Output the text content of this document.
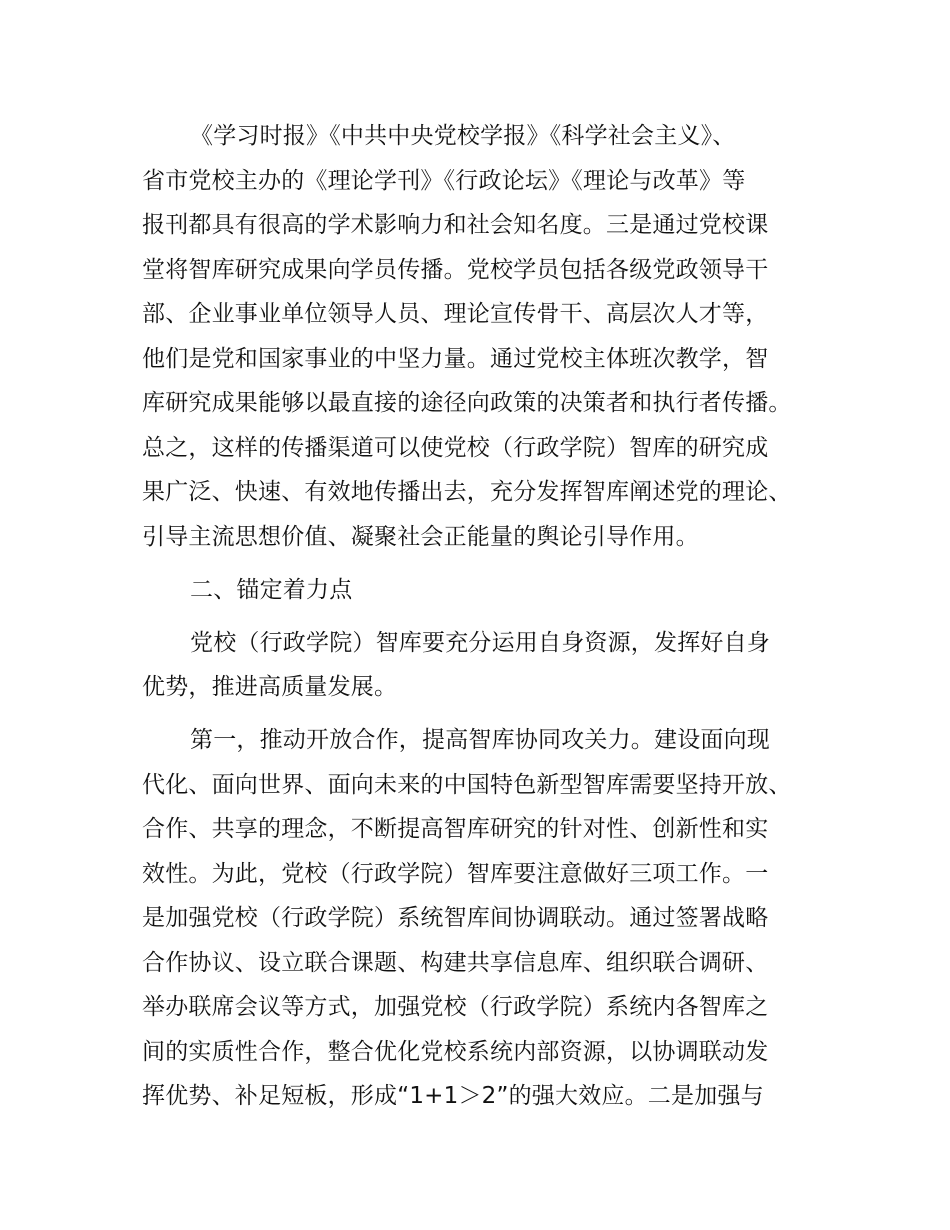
《学习时报》《中共中央党校学报》《科学社会主义》、
省市党校主办的《理论学刊》《行政论坛》《理论与改革》等
报刊都具有很高的学术影响力和社会知名度。三是通过党校课
堂将智库研究成果向学员传播。党校学员包括各级党政领导干
部、企业事业单位领导人员、理论宣传骨干、高层次人才等，
他们是党和国家事业的中坚力量。通过党校主体班次教学，智
库研究成果能够以最直接的途径向政策的决策者和执行者传播。
总之，这样的传播渠道可以使党校（行政学院）智库的研究成
果广泛、快速、有效地传播出去，充分发挥智库阐述党的理论、
引导主流思想价值、凝聚社会正能量的舆论引导作用。
二、锚定着力点
党校（行政学院）智库要充分运用自身资源，发挥好自身
优势，推进高质量发展。
第一，推动开放合作，提高智库协同攻关力。建设面向现
代化、面向世界、面向未来的中国特色新型智库需要坚持开放、
合作、共享的理念，不断提高智库研究的针对性、创新性和实
效性。为此，党校（行政学院）智库要注意做好三项工作。一
是加强党校（行政学院）系统智库间协调联动。通过签署战略
合作协议、设立联合课题、构建共享信息库、组织联合调研、
举办联席会议等方式，加强党校（行政学院）系统内各智库之
间的实质性合作，整合优化党校系统内部资源，以协调联动发
挥优势、补足短板，形成“1+1＞2”的强大效应。二是加强与
